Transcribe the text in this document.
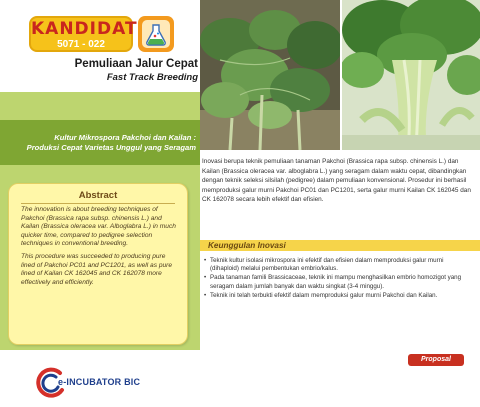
KANDIDAT
5071 - 022
Pemuliaan Jalur Cepat
Fast Track Breeding
Kultur Mikrospora Pakchoi dan Kailan :
Produksi Cepat Varietas Unggul yang Seragam
Abstract

The innovation is about breeding techniques of Pakchoi (Brassica rapa subsp. chinensis L.) and Kailan (Brassica oleracea var. Alboglabra L.) in much quicker time, compared to pedigree selection techniques in conventional breeding.

This procedure was succeeded to producing pure lined of Pakchoi PC01 and PC1201, as well as pure lined of Kailan CK 162045 and CK 162078 more effectively and efficiently.

e-INCUBATOR BIC
Inovasi berupa teknik pemuliaan tanaman Pakchoi (Brassica rapa subsp. chinensis L.) dan Kailan (Brassica oleracea var. alboglabra L.) yang seragam dalam waktu cepat, dibandingkan dengan teknik seleksi silsilah (pedigree) dalam pemuliaan konvensional. Prosedur ini berhasil memproduksi galur murni Pakchoi PC01 dan PC1201, serta galur murni Kailan CK 162045 dan CK 162078 secara lebih efektif dan efisien.
Keunggulan Inovasi
• Teknik kultur isolasi mikrospora ini efektif dan efisien dalam memproduksi galur murni (dihaploid) melalui pembentukan embrio/kalus.
• Pada tanaman famili Brassicaceae, teknik ini mampu menghasilkan embrio homozigot yang seragam dalam jumlah banyak dan waktu singkat (3-4 minggu).
• Teknik ini telah terbukti efektif dalam memproduksi galur murni Pakchoi dan Kailan.
Proposal
